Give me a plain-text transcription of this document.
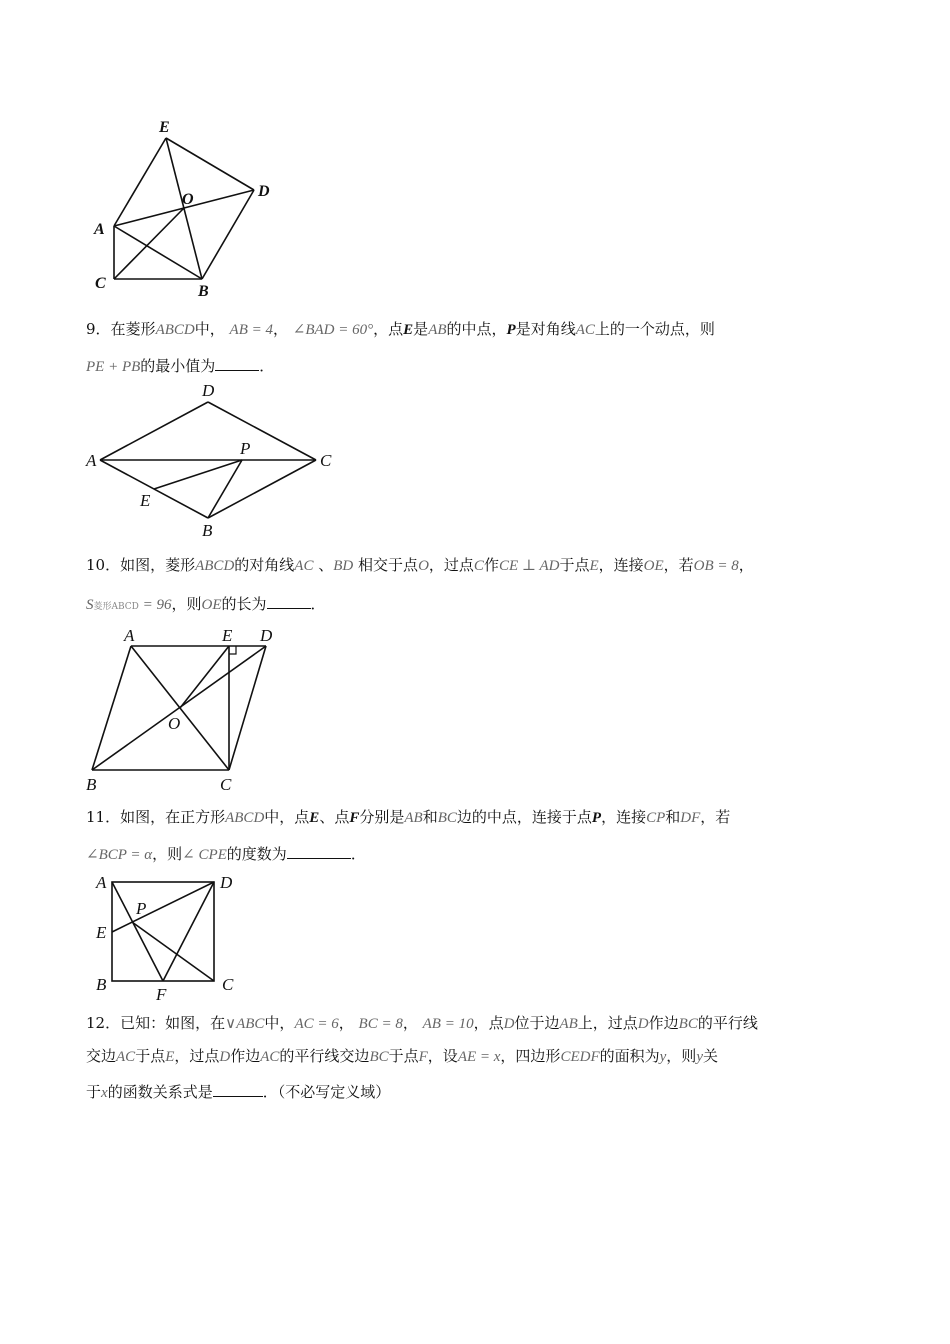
E
D
O
A
C	B
9．在菱形ABCD中， AB = 4， ∠BAD = 60°，点E是AB的中点，P是对角线AC上的一个动点，则
PE + PB的最小值为	．
D
A
P
C
E
B
10．如图，菱形ABCD的对角线AC 、BD 相交于点O，过点C作CE ⊥ AD于点E，连接OE，若OB = 8，
S菱形ABCD = 96，则OE的长为	．
A	E D
O
B	C
11．如图，在正方形ABCD中，点E、点F分别是AB和BC边的中点，连接于点P，连接CP和DF，若
∠BCP = α，则∠ CPE的度数为	．
A	D
P
E
B
F
C
12．已知：如图，在∨ABC中，AC = 6， BC = 8， AB = 10，点D位于边AB上，过点D作边BC的平行线
交边AC于点E，过点D作边AC的平行线交边BC于点F，设AE = x，四边形CEDF的面积为y，则y关
于x的函数关系式是	．（不必写定义域）
